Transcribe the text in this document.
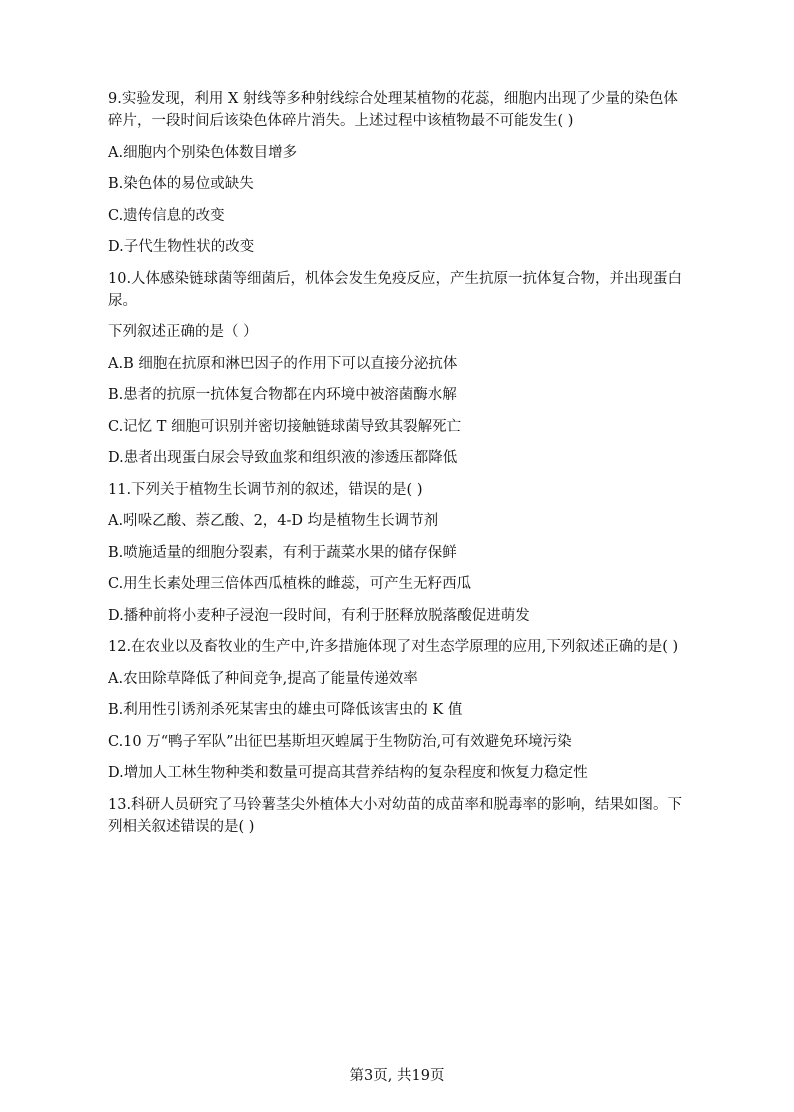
9.实验发现，利用 X 射线等多种射线综合处理某植物的花蕊，细胞内出现了少量的染色体
碎片，一段时间后该染色体碎片消失。上述过程中该植物最不可能发生( )
A.细胞内个别染色体数目增多
B.染色体的易位或缺失
C.遗传信息的改变
D.子代生物性状的改变
10.人体感染链球菌等细菌后，机体会发生免疫反应，产生抗原一抗体复合物，并出现蛋白
尿。
下列叙述正确的是（ ）
A.B 细胞在抗原和淋巴因子的作用下可以直接分泌抗体
B.患者的抗原一抗体复合物都在内环境中被溶菌酶水解
C.记忆 T 细胞可识别并密切接触链球菌导致其裂解死亡
D.患者出现蛋白尿会导致血浆和组织液的渗透压都降低
11.下列关于植物生长调节剂的叙述，错误的是( )
A.吲哚乙酸、萘乙酸、2，4-D 均是植物生长调节剂
B.喷施适量的细胞分裂素，有利于蔬菜水果的储存保鲜
C.用生长素处理三倍体西瓜植株的雌蕊，可产生无籽西瓜
D.播种前将小麦种子浸泡一段时间，有利于胚释放脱落酸促进萌发
12.在农业以及畜牧业的生产中,许多措施体现了对生态学原理的应用,下列叙述正确的是( )
A.农田除草降低了种间竞争,提高了能量传递效率
B.利用性引诱剂杀死某害虫的雄虫可降低该害虫的 K 值
C.10 万“鸭子军队”出征巴基斯坦灭蝗属于生物防治,可有效避免环境污染
D.增加人工林生物种类和数量可提高其营养结构的复杂程度和恢复力稳定性
13.科研人员研究了马铃薯茎尖外植体大小对幼苗的成苗率和脱毒率的影响，结果如图。下
列相关叙述错误的是( )
第3页, 共19页
